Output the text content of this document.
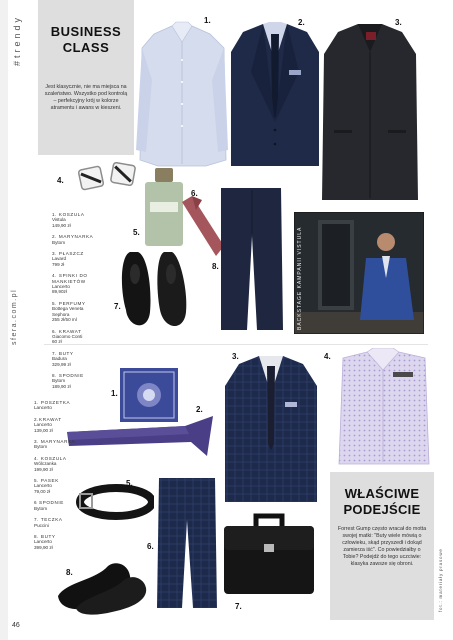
#trendy
sfera.com.pl
BUSINESS
CLASS
Jest klasycznie, nie ma miejsca na szaleństwo. Wszystko pod kontrolą – perfekcyjny krój w kolorze atramentu i awans w kieszeni.
1.	2.	3.
4.
5.
6.
8.
7.
1. KOSZULA
Vistula
149,90 zł
2. MARYNARKA
Bytom
3. PŁASZCZ
Lavard
799 zł
4. SPINKI DO MANKIETÓW
Lancerto
89,90zł
5. PERFUMY
Bottega Veneta Sephora
255 zł/50 ml
6. KRAWAT
Giacomo Conti
60 zł
7. BUTY
Badura
329,99 zł
8. SPODNIE
Bytom
189,90 zł
BACKSTAGE KAMPANII VISTULA
1.
2.
3.	4.
5.
6.
7.
8.
1. POSZETKA
Lancerto
2.KRAWAT
Lancerto
139,00 zł
3. MARYNARKA
Bytom
4. KOSZULA
Wólczanka
199,90 zł
5. PASEK
Lancerto
79,00 zł
6 SPODNIE
Bytom
7. TECZKA
Puccini
8. BUTY
Lancerto
399,90 zł
WŁAŚCIWE
PODEJŚCIE
Forrest Gump często wracał do motta swojej matki: "Buty wiele mówią o człowieku, skąd przyszedł i dokąd zamierza iść". Co powiedziałby o Tobie? Podejdź do tego uczciwie: klasyka zawsze się obroni.	fot.: materiały prasowe
46
